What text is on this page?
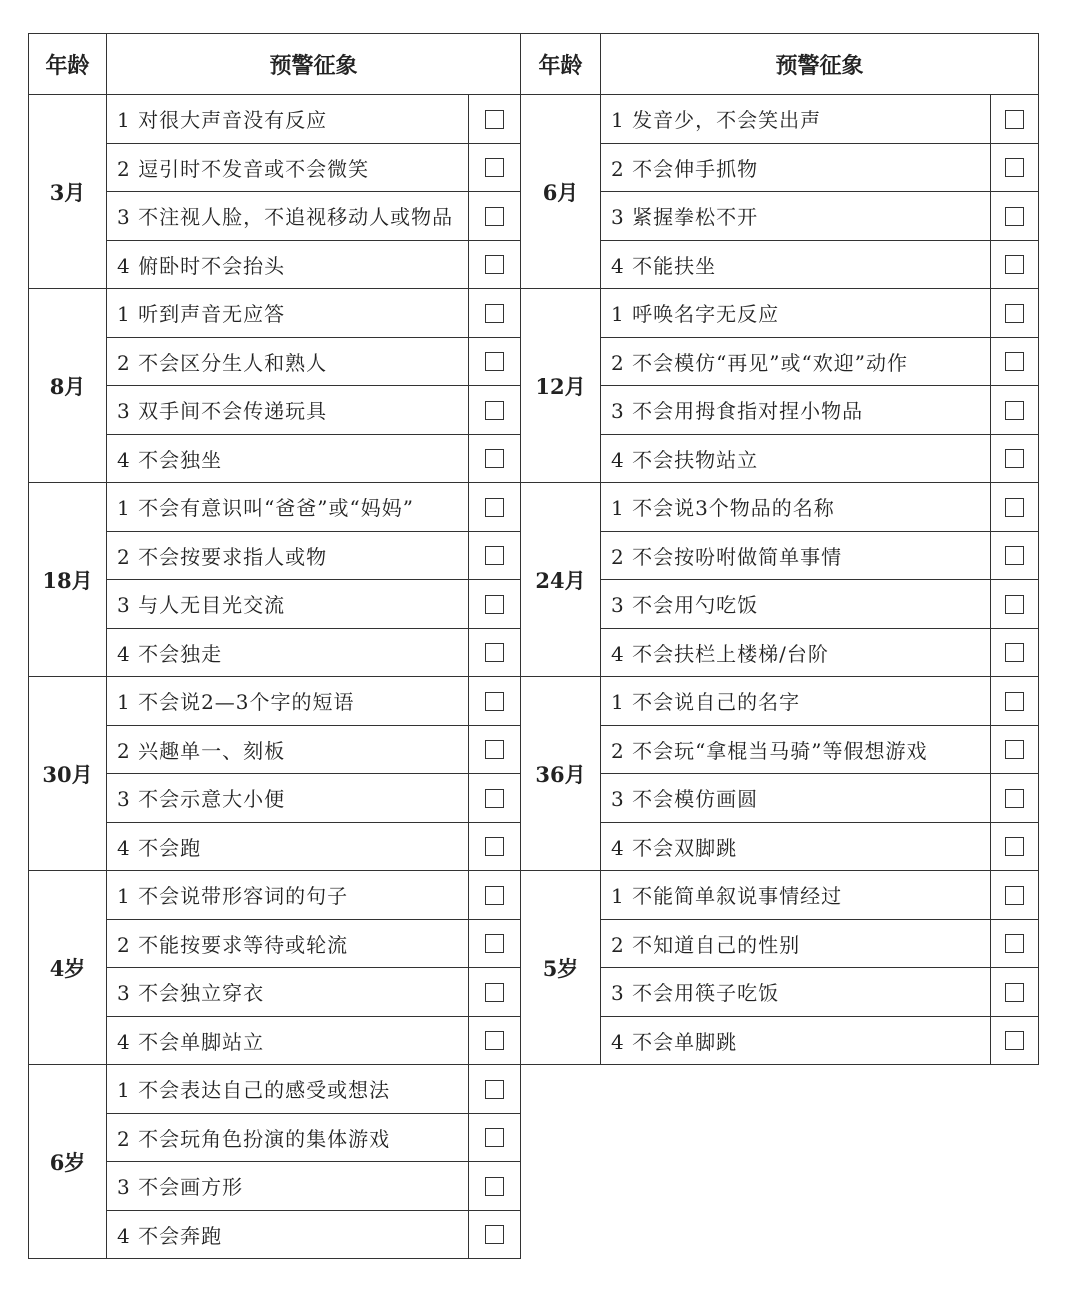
年龄	预警征象		年龄	预警征象	
3月	1 对很大声音没有反应		6月	1 发音少，不会笑出声	
	2 逗引时不发音或不会微笑			2 不会伸手抓物	
	3 不注视人脸，不追视移动人或物品			3 紧握拳松不开	
	4 俯卧时不会抬头			4 不能扶坐	
8月	1 听到声音无应答		12月	1 呼唤名字无反应	
	2 不会区分生人和熟人			2 不会模仿“再见”或“欢迎”动作	
	3 双手间不会传递玩具			3 不会用拇食指对捏小物品	
	4 不会独坐			4 不会扶物站立	
18月	1 不会有意识叫“爸爸”或“妈妈”		24月	1 不会说3个物品的名称	
	2 不会按要求指人或物			2 不会按吩咐做简单事情	
	3 与人无目光交流			3 不会用勺吃饭	
	4 不会独走			4 不会扶栏上楼梯/台阶	
30月	1 不会说2—3个字的短语		36月	1 不会说自己的名字	
	2 兴趣单一、刻板			2 不会玩“拿棍当马骑”等假想游戏	
	3 不会示意大小便			3 不会模仿画圆	
	4 不会跑			4 不会双脚跳	
4岁	1 不会说带形容词的句子		5岁	1 不能简单叙说事情经过	
	2 不能按要求等待或轮流			2 不知道自己的性别	
	3 不会独立穿衣			3 不会用筷子吃饭	
	4 不会单脚站立			4 不会单脚跳	
6岁	1 不会表达自己的感受或想法				
	2 不会玩角色扮演的集体游戏				
	3 不会画方形				
	4 不会奔跑				
